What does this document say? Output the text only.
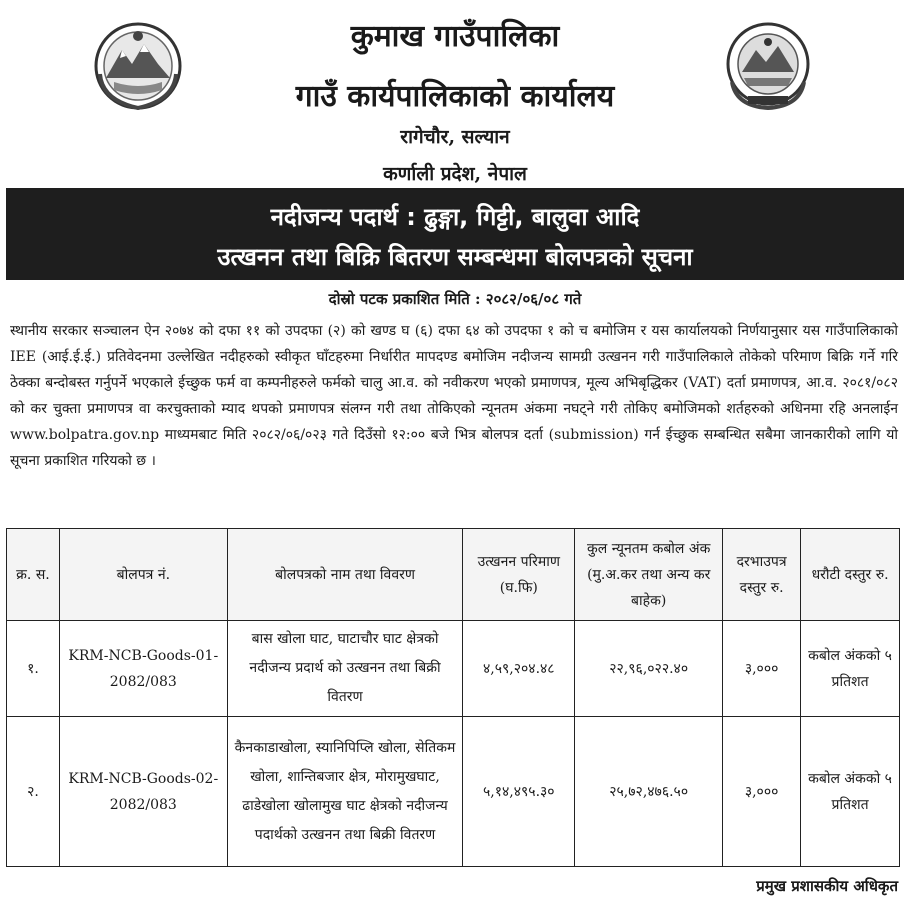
कुमाख गाउँपालिका
गाउँ कार्यपालिकाको कार्यालय
रागेचौर, सल्यान
कर्णाली प्रदेश, नेपाल
नदीजन्य पदार्थ : ढुङ्गा, गिट्टी, बालुवा आदि
उत्खनन तथा बिक्रि बितरण सम्बन्धमा बोलपत्रको सूचना
दोस्रो पटक प्रकाशित मिति : २०८२/०६/०८ गते
स्थानीय सरकार सञ्चालन ऐन २०७४ को दफा ११ को उपदफा (२) को खण्ड घ (६) दफा ६४ को उपदफा १ को च बमोजिम र यस कार्यालयको निर्णयानुसार यस गाउँपालिकाको IEE (आई.ई.ई.) प्रतिवेदनमा उल्लेखित नदीहरुको स्वीकृत घाँटहरुमा निर्धारीत मापदण्ड बमोजिम नदीजन्य सामग्री उत्खनन गरी गाउँपालिकाले तोकेको परिमाण बिक्रि गर्ने गरि ठेक्का बन्दोबस्त गर्नुपर्ने भएकाले ईच्छुक फर्म वा कम्पनीहरुले फर्मको चालु आ.व. को नवीकरण भएको प्रमाणपत्र, मूल्य अभिबृद्धिकर (VAT) दर्ता प्रमाणपत्र, आ.व. २०८१/०८२ को कर चुक्ता प्रमाणपत्र वा करचुक्ताको म्याद थपको प्रमाणपत्र संलग्न गरी तथा तोकिएको न्यूनतम अंकमा नघट्ने गरी तोकिए बमोजिमको शर्तहरुको अधिनमा रहि अनलाईन www.bolpatra.gov.np माध्यमबाट मिति २०८२/०६/०२३ गते दिउँसो १२:०० बजे भित्र बोलपत्र दर्ता (submission) गर्न ईच्छुक सम्बन्धित सबैमा जानकारीको लागि यो सूचना प्रकाशित गरियको छ ।
क्र. स.	बोलपत्र नं.	बोलपत्रको नाम तथा विवरण	उत्खनन परिमाण (घ.फि)	कुल न्यूनतम कबोल अंक (मु.अ.कर तथा अन्य कर बाहेक)	दरभाउपत्र दस्तुर रु.	धरौटी दस्तुर रु.
१.	KRM-NCB-Goods-01-2082/083	बास खोला घाट, घाटाचौर घाट क्षेत्रको नदीजन्य प्रदार्थ को उत्खनन तथा बिक्री वितरण	४,५९,२०४.४८	२२,९६,०२२.४०	३,०००	कबोल अंकको ५ प्रतिशत
२.	KRM-NCB-Goods-02-2082/083	कैनकाडाखोला, स्यानिपिप्लि खोला, सेतिकम खोला, शान्तिबजार क्षेत्र, मोरामुखघाट, ढाडेखोला खोलामुख घाट क्षेत्रको नदीजन्य पदार्थको उत्खनन तथा बिक्री वितरण	५,१४,४९५.३०	२५,७२,४७६.५०	३,०००	कबोल अंकको ५ प्रतिशत
प्रमुख प्रशासकीय अधिकृत
